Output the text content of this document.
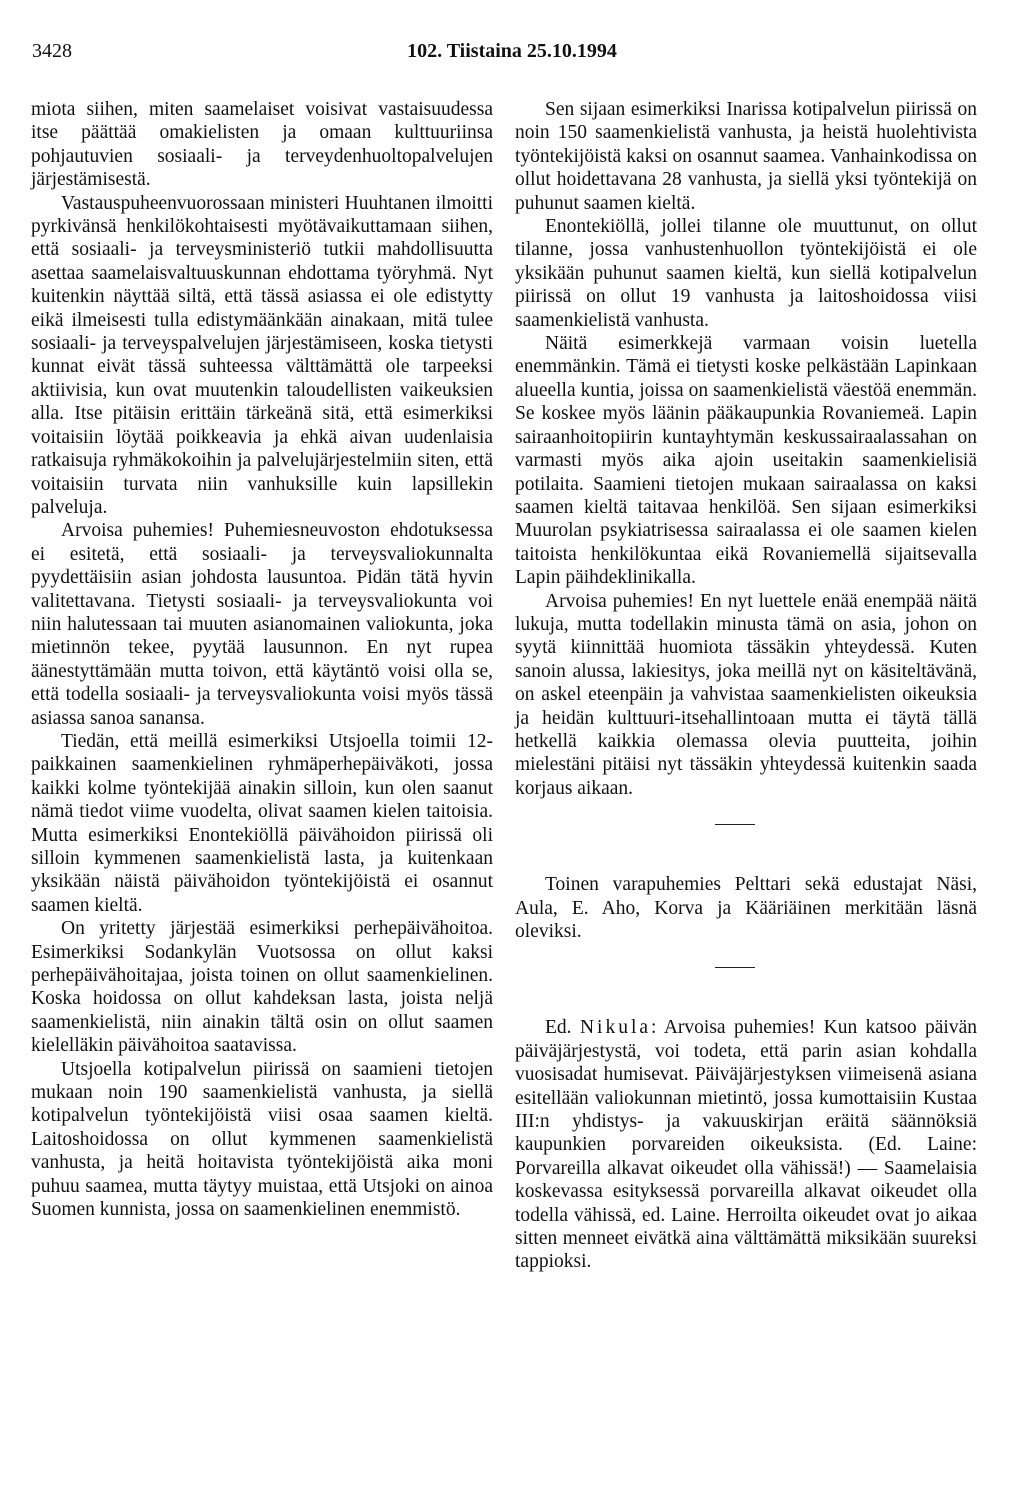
3428	102. Tiistaina 25.10.1994

miota siihen, miten saamelaiset voisivat vastaisuudessa itse päättää omakielisten ja omaan kulttuuriinsa pohjautuvien sosiaali- ja terveydenhuoltopalvelujen järjestämisestä.

Vastauspuheenvuorossaan ministeri Huuhtanen ilmoitti pyrkivänsä henkilökohtaisesti myötävaikuttamaan siihen, että sosiaali- ja terveysministeriö tutkii mahdollisuutta asettaa saamelaisvaltuuskunnan ehdottama työryhmä. Nyt kuitenkin näyttää siltä, että tässä asiassa ei ole edistytty eikä ilmeisesti tulla edistymäänkään ainakaan, mitä tulee sosiaali- ja terveyspalvelujen järjestämiseen, koska tietysti kunnat eivät tässä suhteessa välttämättä ole tarpeeksi aktiivisia, kun ovat muutenkin taloudellisten vaikeuksien alla. Itse pitäisin erittäin tärkeänä sitä, että esimerkiksi voitaisiin löytää poikkeavia ja ehkä aivan uudenlaisia ratkaisuja ryhmäkokoihin ja palvelujärjestelmiin siten, että voitaisiin turvata niin vanhuksille kuin lapsillekin palveluja.

Arvoisa puhemies! Puhemiesneuvoston ehdotuksessa ei esitetä, että sosiaali- ja terveysvaliokunnalta pyydettäisiin asian johdosta lausuntoa. Pidän tätä hyvin valitettavana. Tietysti sosiaali- ja terveysvaliokunta voi niin halutessaan tai muuten asianomainen valiokunta, joka mietinnön tekee, pyytää lausunnon. En nyt rupea äänestyttämään mutta toivon, että käytäntö voisi olla se, että todella sosiaali- ja terveysvaliokunta voisi myös tässä asiassa sanoa sanansa.

Tiedän, että meillä esimerkiksi Utsjoella toimii 12-paikkainen saamenkielinen ryhmäperhepäiväkoti, jossa kaikki kolme työntekijää ainakin silloin, kun olen saanut nämä tiedot viime vuodelta, olivat saamen kielen taitoisia. Mutta esimerkiksi Enontekiöllä päivähoidon piirissä oli silloin kymmenen saamenkielistä lasta, ja kuitenkaan yksikään näistä päivähoidon työntekijöistä ei osannut saamen kieltä.

On yritetty järjestää esimerkiksi perhepäivähoitoa. Esimerkiksi Sodankylän Vuotsossa on ollut kaksi perhepäivähoitajaa, joista toinen on ollut saamenkielinen. Koska hoidossa on ollut kahdeksan lasta, joista neljä saamenkielistä, niin ainakin tältä osin on ollut saamen kielelläkin päivähoitoa saatavissa.

Utsjoella kotipalvelun piirissä on saamieni tietojen mukaan noin 190 saamenkielistä vanhusta, ja siellä kotipalvelun työntekijöistä viisi osaa saamen kieltä. Laitoshoidossa on ollut kymmenen saamenkielistä vanhusta, ja heitä hoitavista työntekijöistä aika moni puhuu saamea, mutta täytyy muistaa, että Utsjoki on ainoa Suomen kunnista, jossa on saamenkielinen enemmistö.

Sen sijaan esimerkiksi Inarissa kotipalvelun piirissä on noin 150 saamenkielistä vanhusta, ja heistä huolehtivista työntekijöistä kaksi on osannut saamea. Vanhainkodissa on ollut hoidettavana 28 vanhusta, ja siellä yksi työntekijä on puhunut saamen kieltä.

Enontekiöllä, jollei tilanne ole muuttunut, on ollut tilanne, jossa vanhustenhuollon työntekijöistä ei ole yksikään puhunut saamen kieltä, kun siellä kotipalvelun piirissä on ollut 19 vanhusta ja laitoshoidossa viisi saamenkielistä vanhusta.

Näitä esimerkkejä varmaan voisin luetella enemmänkin. Tämä ei tietysti koske pelkästään Lapinkaan alueella kuntia, joissa on saamenkielistä väestöä enemmän. Se koskee myös läänin pääkaupunkia Rovaniemeä. Lapin sairaanhoitopiirin kuntayhtymän keskussairaalassahan on varmasti myös aika ajoin useitakin saamenkielisiä potilaita. Saamieni tietojen mukaan sairaalassa on kaksi saamen kieltä taitavaa henkilöä. Sen sijaan esimerkiksi Muurolan psykiatrisessa sairaalassa ei ole saamen kielen taitoista henkilökuntaa eikä Rovaniemellä sijaitsevalla Lapin päihdeklinikalla.

Arvoisa puhemies! En nyt luettele enää enempää näitä lukuja, mutta todellakin minusta tämä on asia, johon on syytä kiinnittää huomiota tässäkin yhteydessä. Kuten sanoin alussa, lakiesitys, joka meillä nyt on käsiteltävänä, on askel eteenpäin ja vahvistaa saamenkielisten oikeuksia ja heidän kulttuuri-itsehallintoaan mutta ei täytä tällä hetkellä kaikkia olemassa olevia puutteita, joihin mielestäni pitäisi nyt tässäkin yhteydessä kuitenkin saada korjaus aikaan.

Toinen varapuhemies Pelttari sekä edustajat Näsi, Aula, E. Aho, Korva ja Kääriäinen merkitään läsnä oleviksi.

Ed. Nikula: Arvoisa puhemies! Kun katsoo päivän päiväjärjestystä, voi todeta, että parin asian kohdalla vuosisadat humisevat. Päiväjärjestyksen viimeisenä asiana esitellään valiokunnan mietintö, jossa kumottaisiin Kustaa III:n yhdistys- ja vakuuskirjan eräitä säännöksiä kaupunkien porvareiden oikeuksista. (Ed. Laine: Porvareilla alkavat oikeudet olla vähissä!) — Saamelaisia koskevassa esityksessä porvareilla alkavat oikeudet olla todella vähissä, ed. Laine. Herroilta oikeudet ovat jo aikaa sitten menneet eivätkä aina välttämättä miksikään suureksi tappioksi.
